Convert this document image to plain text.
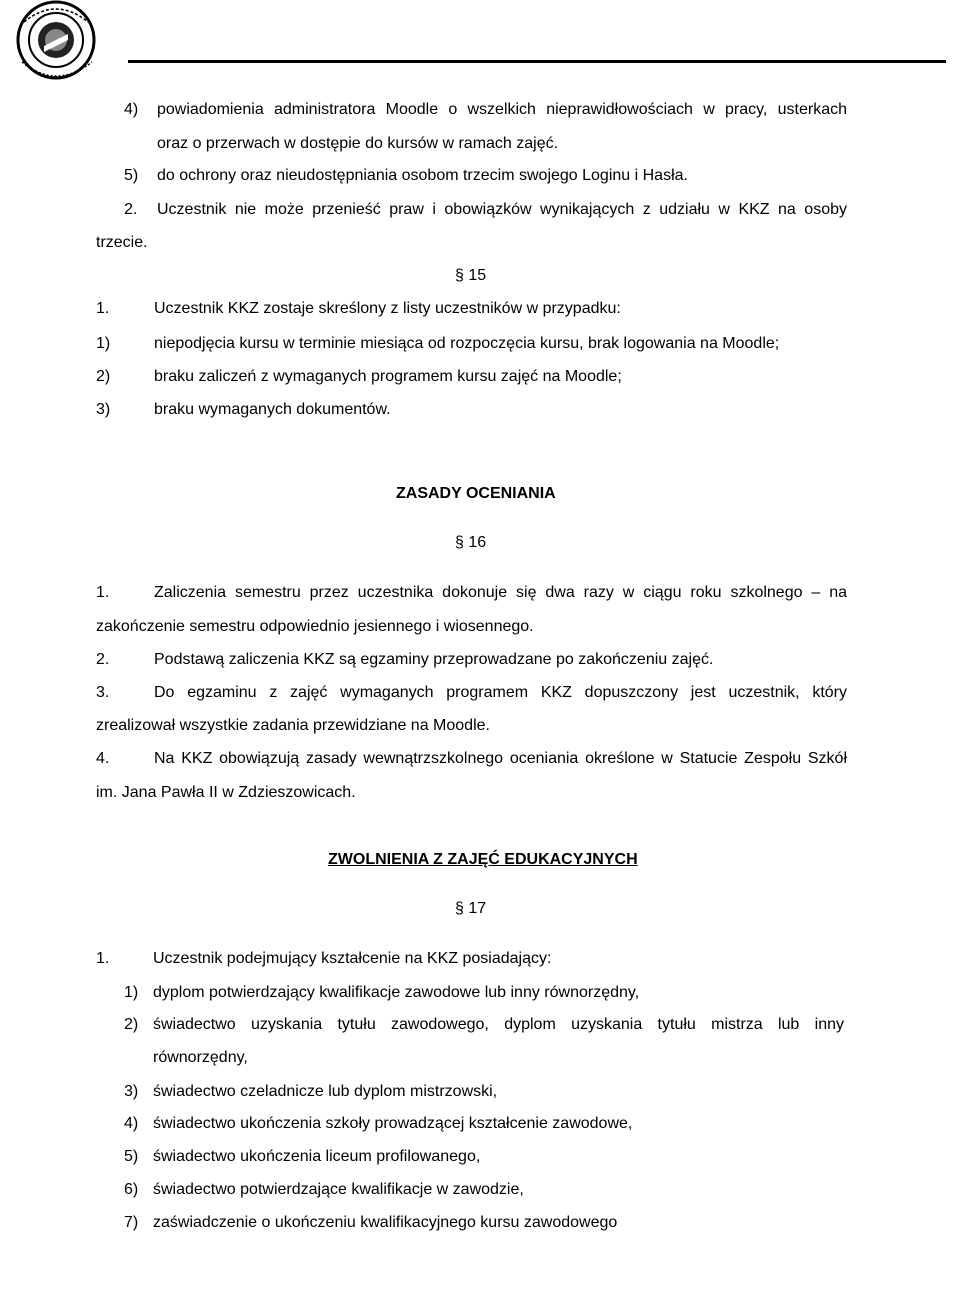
4) powiadomienia administratora Moodle o wszelkich nieprawidłowościach w pracy, usterkach
oraz o przerwach w dostępie do kursów w ramach zajęć.
5) do ochrony oraz nieudostępniania osobom trzecim swojego Loginu i Hasła.
2. Uczestnik nie może przenieść praw i obowiązków wynikających z udziału w KKZ na osoby
trzecie.
§ 15
1.	Uczestnik KKZ zostaje skreślony z listy uczestników w przypadku:
1)	niepodjęcia kursu w terminie miesiąca od rozpoczęcia kursu, brak logowania na Moodle;
2)	braku zaliczeń z wymaganych programem kursu zajęć na Moodle;
3)	braku wymaganych dokumentów.
ZASADY OCENIANIA
§ 16
1.	Zaliczenia semestru przez uczestnika dokonuje się dwa razy w ciągu roku szkolnego – na
zakończenie semestru odpowiednio jesiennego i wiosennego.
2.	Podstawą zaliczenia KKZ są egzaminy przeprowadzane po zakończeniu zajęć.
3.	Do egzaminu z zajęć wymaganych programem KKZ dopuszczony jest uczestnik, który
zrealizował wszystkie zadania przewidziane na Moodle.
4.	Na KKZ obowiązują zasady wewnątrzszkolnego oceniania określone w Statucie Zespołu Szkół
im. Jana Pawła II w Zdzieszowicach.
ZWOLNIENIA Z ZAJĘĆ EDUKACYJNYCH
§ 17
1.	Uczestnik podejmujący kształcenie na KKZ posiadający:
1) dyplom potwierdzający kwalifikacje zawodowe lub inny równorzędny,
2) świadectwo uzyskania tytułu zawodowego, dyplom uzyskania tytułu mistrza lub inny
równorzędny,
3) świadectwo czeladnicze lub dyplom mistrzowski,
4) świadectwo ukończenia szkoły prowadzącej kształcenie zawodowe,
5) świadectwo ukończenia liceum profilowanego,
6) świadectwo potwierdzające kwalifikacje w zawodzie,
7) zaświadczenie o ukończeniu kwalifikacyjnego kursu zawodowego
